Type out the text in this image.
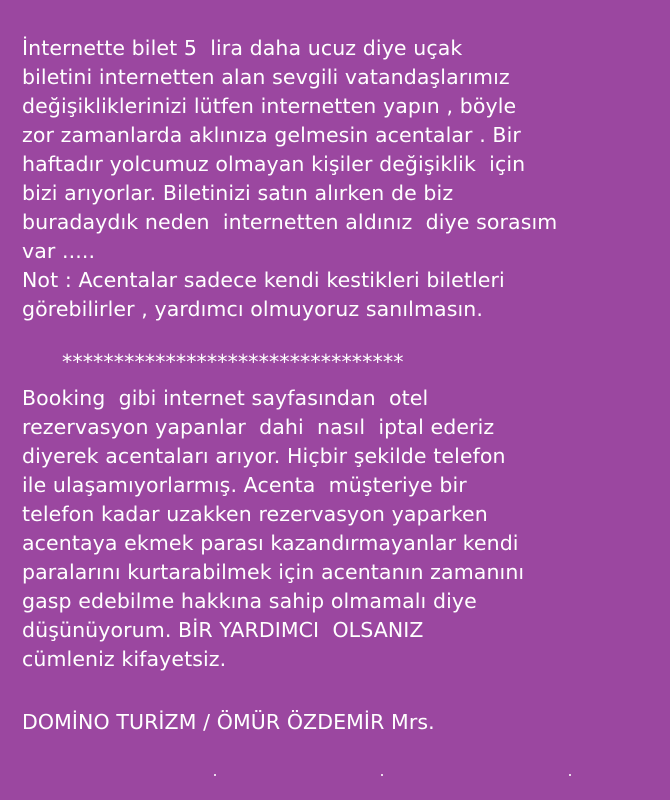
İnternette bilet 5  lira daha ucuz diye uçak
biletini internetten alan sevgili vatandaşlarımız
değişikliklerinizi lütfen internetten yapın , böyle
zor zamanlarda aklınıza gelmesin acentalar . Bir
haftadır yolcumuz olmayan kişiler değişiklik  için
bizi arıyorlar. Biletinizi satın alırken de biz
buradaydık neden  internetten aldınız  diye sorasım
var .....
Not : Acentalar sadece kendi kestikleri biletleri
görebilirler , yardımcı olmuyoruz sanılmasın.
*********************************
Booking  gibi internet sayfasından  otel
rezervasyon yapanlar  dahi  nasıl  iptal ederiz
diyerek acentaları arıyor. Hiçbir şekilde telefon
ile ulaşamıyorlarmış. Acenta  müşteriye bir
telefon kadar uzakken rezervasyon yaparken
acentaya ekmek parası kazandırmayanlar kendi
paralarını kurtarabilmek için acentanın zamanını
gasp edebilme hakkına sahip olmamalı diye
düşünüyorum. BİR YARDIMCI  OLSANIZ
cümleniz kifayetsiz.
DOMİNO TURİZM / ÖMÜR ÖZDEMİR Mrs.
